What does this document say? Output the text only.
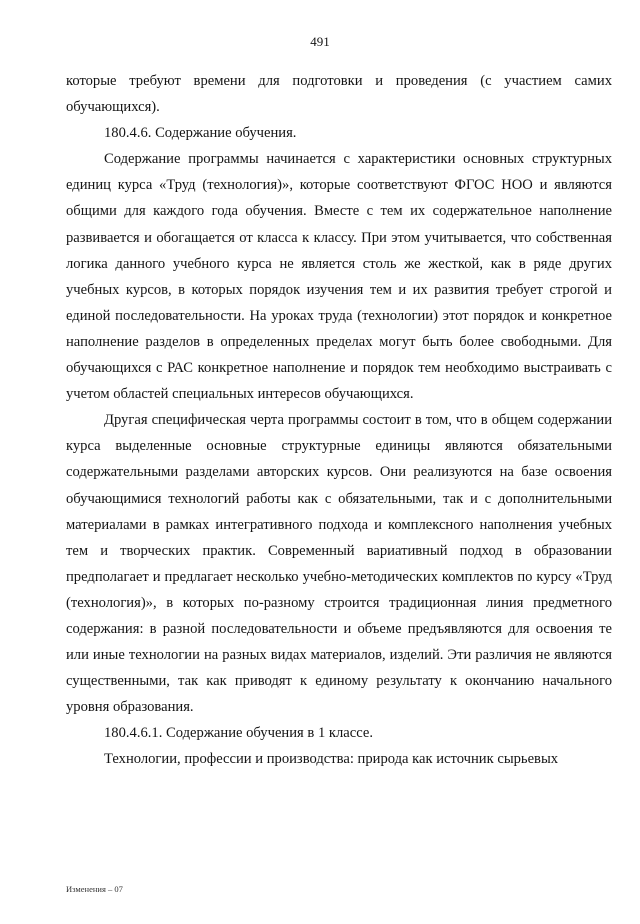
491

которые требуют времени для подготовки и проведения (с участием самих обучающихся).

180.4.6. Содержание обучения.

Содержание программы начинается с характеристики основных структурных единиц курса «Труд (технология)», которые соответствуют ФГОС НОО и являются общими для каждого года обучения. Вместе с тем их содержательное наполнение развивается и обогащается от класса к классу. При этом учитывается, что собственная логика данного учебного курса не является столь же жесткой, как в ряде других учебных курсов, в которых порядок изучения тем и их развития требует строгой и единой последовательности. На уроках труда (технологии) этот порядок и конкретное наполнение разделов в определенных пределах могут быть более свободными. Для обучающихся с РАС конкретное наполнение и порядок тем необходимо выстраивать с учетом областей специальных интересов обучающихся.

Другая специфическая черта программы состоит в том, что в общем содержании курса выделенные основные структурные единицы являются обязательными содержательными разделами авторских курсов. Они реализуются на базе освоения обучающимися технологий работы как с обязательными, так и с дополнительными материалами в рамках интегративного подхода и комплексного наполнения учебных тем и творческих практик. Современный вариативный подход в образовании предполагает и предлагает несколько учебно-методических комплектов по курсу «Труд (технология)», в которых по-разному строится традиционная линия предметного содержания: в разной последовательности и объеме предъявляются для освоения те или иные технологии на разных видах материалов, изделий. Эти различия не являются существенными, так как приводят к единому результату к окончанию начального уровня образования.

180.4.6.1. Содержание обучения в 1 классе.

Технологии, профессии и производства: природа как источник сырьевых

Изменения – 07
